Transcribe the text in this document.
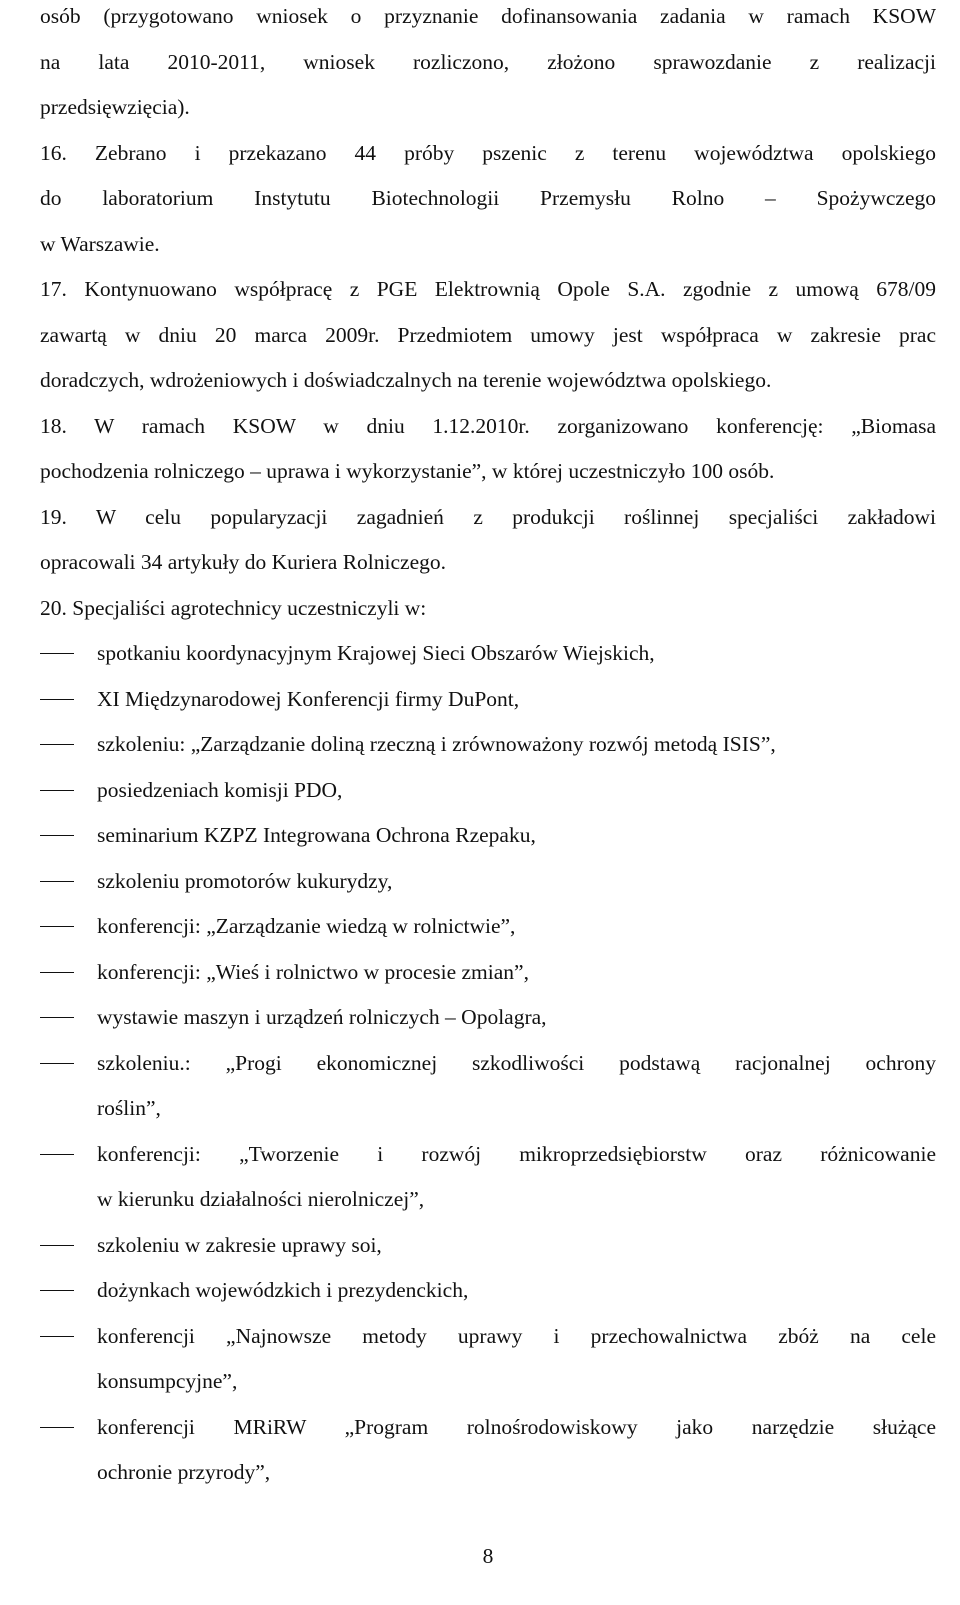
osób (przygotowano wniosek o przyznanie dofinansowania zadania w ramach KSOW

na lata 2010-2011, wniosek rozliczono, złożono sprawozdanie z realizacji

przedsięwzięcia).

16. Zebrano i przekazano 44 próby pszenic z terenu województwa opolskiego

do laboratorium Instytutu Biotechnologii Przemysłu Rolno – Spożywczego

w Warszawie.

17. Kontynuowano współpracę z PGE Elektrownią Opole S.A. zgodnie z umową 678/09

zawartą w dniu 20 marca 2009r. Przedmiotem umowy jest współpraca w zakresie prac

doradczych, wdrożeniowych i doświadczalnych na terenie województwa opolskiego.

18. W ramach KSOW w dniu 1.12.2010r. zorganizowano konferencję: „Biomasa

pochodzenia rolniczego – uprawa i wykorzystanie”, w której uczestniczyło 100 osób.

19. W celu popularyzacji zagadnień z produkcji roślinnej specjaliści zakładowi

opracowali 34 artykuły do Kuriera Rolniczego.

20. Specjaliści agrotechnicy uczestniczyli w:

spotkaniu koordynacyjnym Krajowej Sieci Obszarów Wiejskich,
XI Międzynarodowej Konferencji firmy DuPont,
szkoleniu: „Zarządzanie doliną rzeczną i zrównoważony rozwój metodą ISIS”,
posiedzeniach komisji PDO,
seminarium KZPZ Integrowana Ochrona Rzepaku,
szkoleniu promotorów kukurydzy,
konferencji: „Zarządzanie wiedzą w rolnictwie”,
konferencji: „Wieś i rolnictwo w procesie zmian”,
wystawie maszyn i urządzeń rolniczych – Opolagra,
szkoleniu.: „Progi ekonomicznej szkodliwości podstawą racjonalnej ochrony
roślin”,
konferencji: „Tworzenie i rozwój mikroprzedsiębiorstw oraz różnicowanie
w kierunku działalności nierolniczej”,
szkoleniu w zakresie uprawy soi,
dożynkach wojewódzkich i prezydenckich,
konferencji „Najnowsze metody uprawy i przechowalnictwa zbóż na cele
konsumpcyjne”,
konferencji MRiRW „Program rolnośrodowiskowy jako narzędzie służące
ochronie przyrody”,
8
